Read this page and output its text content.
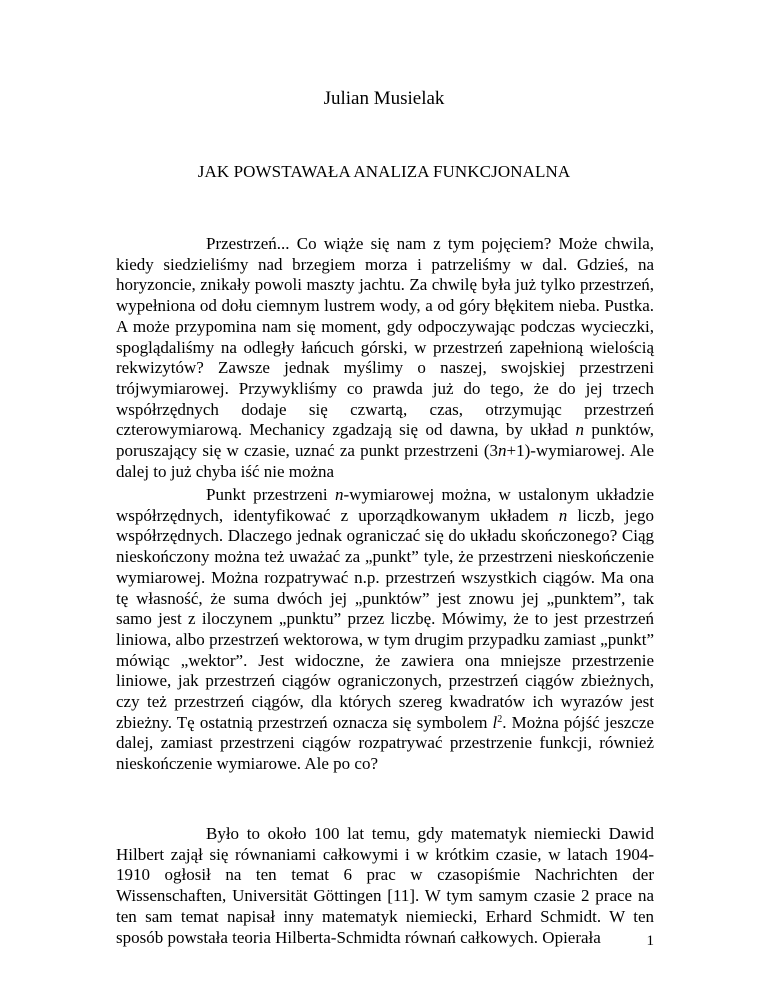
Julian Musielak
JAK POWSTAWAŁA ANALIZA FUNKCJONALNA

Przestrzeń... Co wiąże się nam z tym pojęciem? Może chwila, kiedy siedzieliśmy nad brzegiem morza i patrzeliśmy w dal. Gdzieś, na horyzoncie, znikały powoli maszty jachtu. Za chwilę była już tylko przestrzeń, wypełniona od dołu ciemnym lustrem wody, a od góry błękitem nieba. Pustka. A może przypomina nam się moment, gdy odpoczywając podczas wycieczki, spoglądaliśmy na odległy łańcuch górski, w przestrzeń zapełnioną wielością rekwizytów? Zawsze jednak myślimy o naszej, swojskiej przestrzeni trójwymiarowej. Przywykliśmy co prawda już do tego, że do jej trzech współrzędnych dodaje się czwartą, czas, otrzymując przestrzeń czterowymiarową. Mechanicy zgadzają się od dawna, by układ n punktów, poruszający się w czasie, uznać za punkt przestrzeni (3n+1)-wymiarowej. Ale dalej to już chyba iść nie można

Punkt przestrzeni n-wymiarowej można, w ustalonym układzie współrzędnych, identyfikować z uporządkowanym układem n liczb, jego współrzędnych. Dlaczego jednak ograniczać się do układu skończonego? Ciąg nieskończony można też uważać za „punkt” tyle, że przestrzeni nieskończenie wymiarowej. Można rozpatrywać n.p. przestrzeń wszystkich ciągów. Ma ona tę własność, że suma dwóch jej „punktów” jest znowu jej „punktem”, tak samo jest z iloczynem „punktu” przez liczbę. Mówimy, że to jest przestrzeń liniowa, albo przestrzeń wektorowa, w tym drugim przypadku zamiast „punkt” mówiąc „wektor”. Jest widoczne, że zawiera ona mniejsze przestrzenie liniowe, jak przestrzeń ciągów ograniczonych, przestrzeń ciągów zbieżnych, czy też przestrzeń ciągów, dla których szereg kwadratów ich wyrazów jest zbieżny. Tę ostatnią przestrzeń oznacza się symbolem $l^2$. Można pójść jeszcze dalej, zamiast przestrzeni ciągów rozpatrywać przestrzenie funkcji, również nieskończenie wymiarowe. Ale po co?

Było to około 100 lat temu, gdy matematyk niemiecki Dawid Hilbert zajął się równaniami całkowymi i w krótkim czasie, w latach 1904-1910 ogłosił na ten temat 6 prac w czasopiśmie Nachrichten der Wissenschaften, Universität Göttingen [11]. W tym samym czasie 2 prace na ten sam temat napisał inny matematyk niemiecki, Erhard Schmidt. W ten sposób powstała teoria Hilberta-Schmidta równań całkowych. Opierała	1
